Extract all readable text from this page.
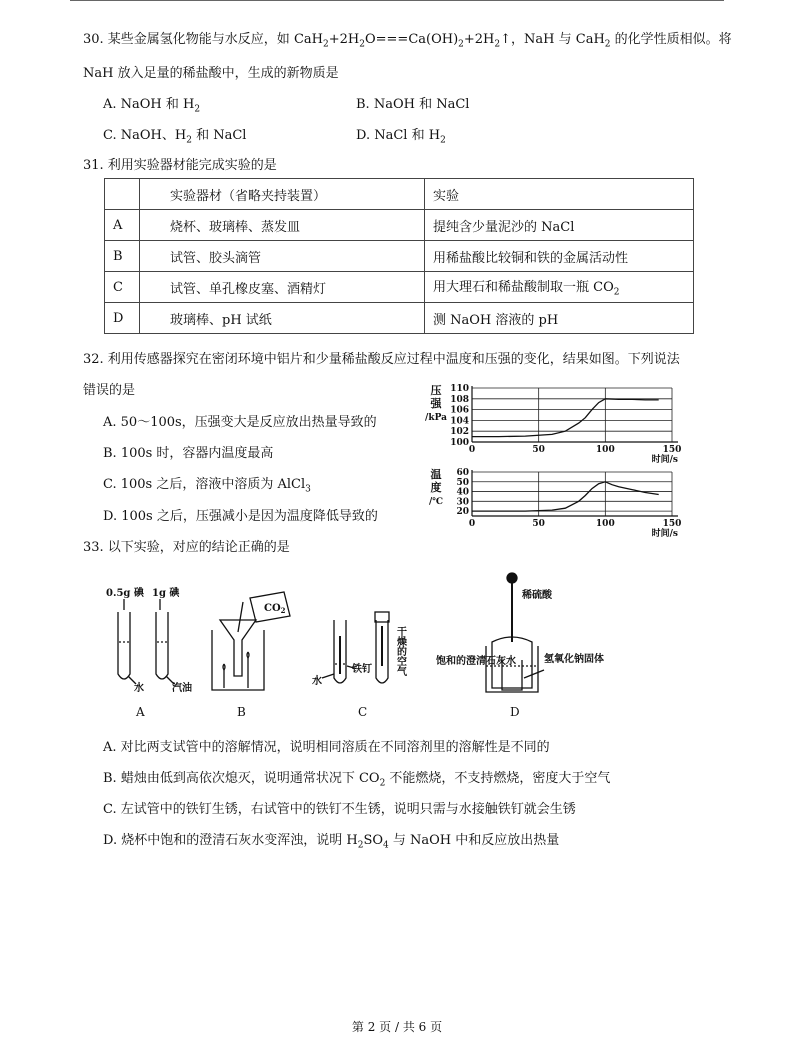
30. 某些金属氢化物能与水反应，如 $CaH_2+2H_2O===Ca(OH)_2+2H_2↑$，NaH 与 CaH$_2$ 的化学性质相似。将
NaH 放入足量的稀盐酸中，生成的新物质是
A. NaOH 和 $H_2$	B. NaOH 和 NaCl
C. NaOH、$H_2$ 和 NaCl	D. NaCl 和 $H_2$
31. 利用实验器材能完成实验的是
	实验器材（省略夹持装置）	实验
A	烧杯、玻璃棒、蒸发皿	提纯含少量泥沙的 NaCl
B	试管、胶头滴管	用稀盐酸比较铜和铁的金属活动性
C	试管、单孔橡皮塞、酒精灯	用大理石和稀盐酸制取一瓶 $CO_2$
D	玻璃棒、pH 试纸	测 NaOH 溶液的 pH
32. 利用传感器探究在密闭环境中铝片和少量稀盐酸反应过程中温度和压强的变化，结果如图。下列说法
错误的是
A. 50～100s，压强变大是反应放出热量导致的
B. 100s 时，容器内温度最高
C. 100s 之后，溶液中溶质为 AlCl$_3$
D. 100s 之后，压强减小是因为温度降低导致的
100
102
104
106
108
110
0	50	100	150
压强/kPa
时间/s
20
30
40
50
60
0	50	100	150
温度/℃
时间/s
33. 以下实验，对应的结论正确的是
0.5g 碘 1g 碘
水	汽油
A
$CO_2$
B
水
铁钉 干燥的空气
C
稀硫酸
饱和的澄清石灰水	氢氧化钠固体
D
A. 对比两支试管中的溶解情况，说明相同溶质在不同溶剂里的溶解性是不同的
B. 蜡烛由低到高依次熄灭，说明通常状况下 $CO_2$ 不能燃烧，不支持燃烧，密度大于空气
C. 左试管中的铁钉生锈，右试管中的铁钉不生锈，说明只需与水接触铁钉就会生锈
D. 烧杯中饱和的澄清石灰水变浑浊，说明 $H_2SO_4$ 与 NaOH 中和反应放出热量
第 2 页 / 共 6 页
